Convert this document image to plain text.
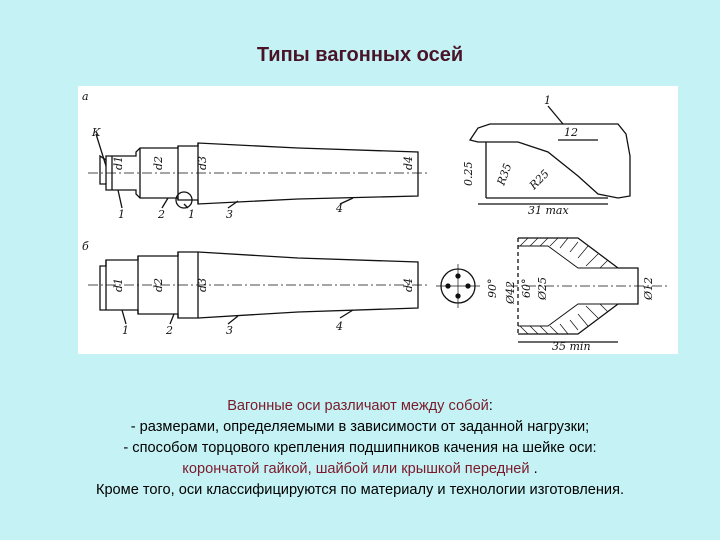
Типы вагонных осей
а
К
1	2 1	3	4
d1 d2	d3	d4
1
12
0.25 R35 R25
31 max
б
1	2	3	4
d1 d2	d3	d4	90° Ø42 60° Ø25	Ø12
35 min

Вагонные оси различают между собой:

- размерами, определяемыми в зависимости от заданной нагрузки;

- способом торцового крепления подшипников качения на шейке оси:

корончатой гайкой, шайбой или крышкой передней .

Кроме того, оси классифицируются по материалу и технологии изготовления.
